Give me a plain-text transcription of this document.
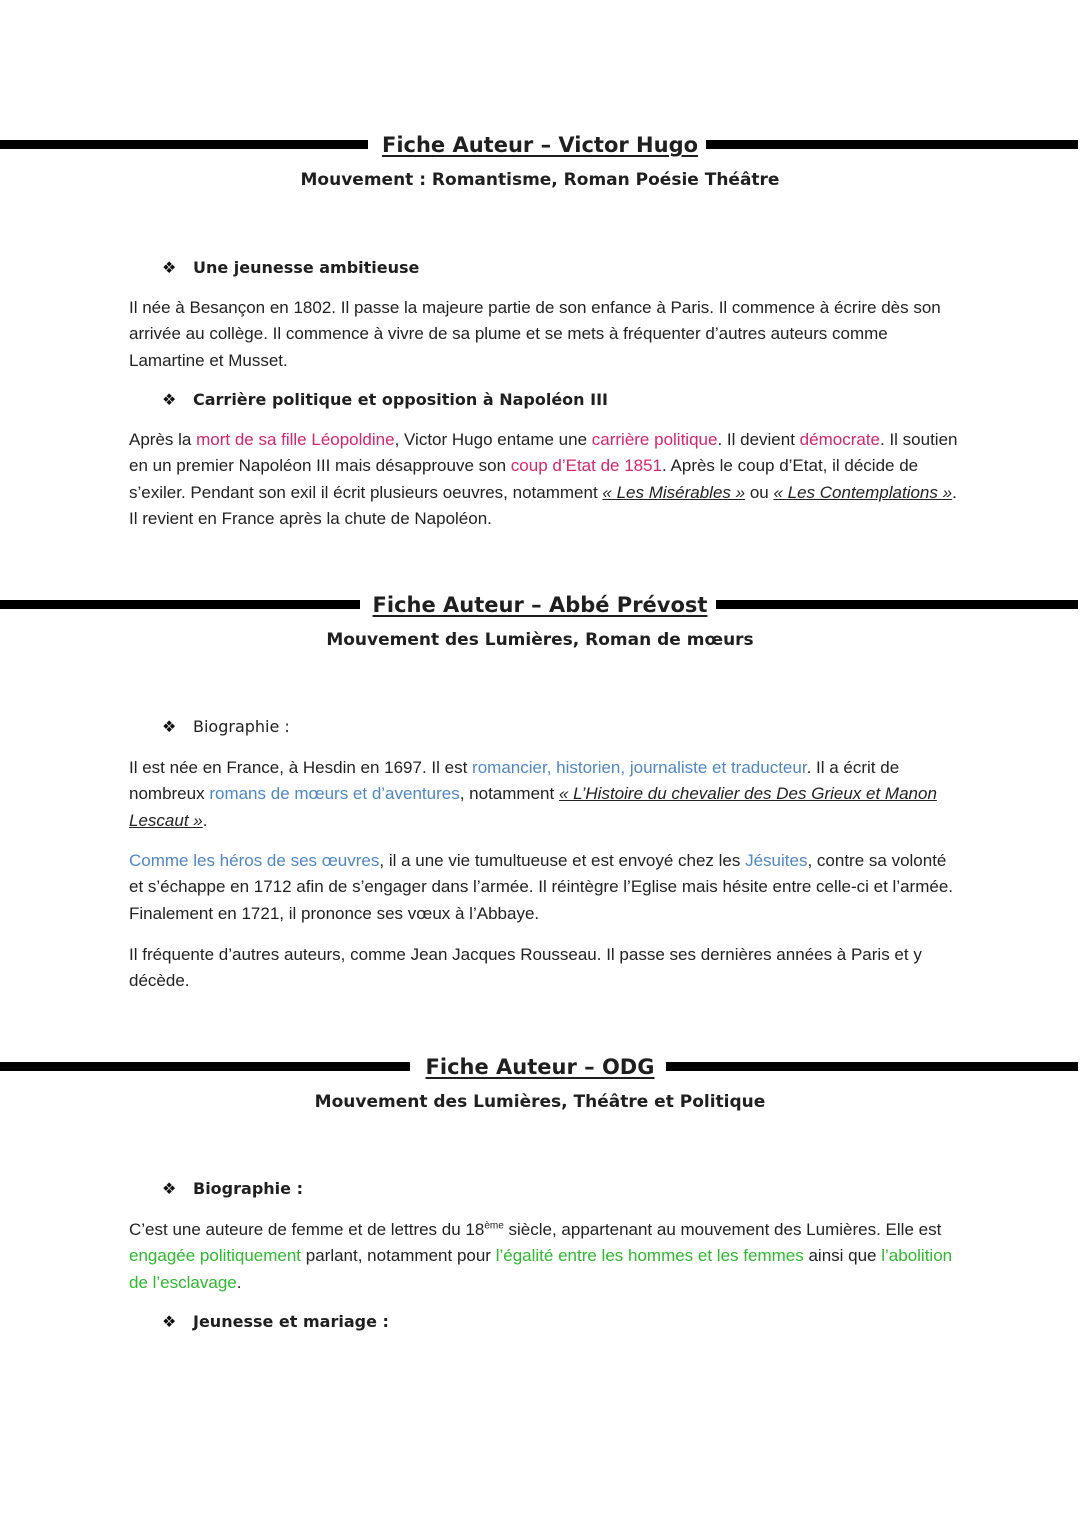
Fiche Auteur – Victor Hugo
Mouvement : Romantisme, Roman Poésie Théâtre
❖ Une jeunesse ambitieuse

Il née à Besançon en 1802. Il passe la majeure partie de son enfance à Paris. Il commence à écrire dès son arrivée au collège. Il commence à vivre de sa plume et se mets à fréquenter d’autres auteurs comme Lamartine et Musset.

❖ Carrière politique et opposition à Napoléon III

Après la mort de sa fille Léopoldine, Victor Hugo entame une carrière politique. Il devient démocrate. Il soutien en un premier Napoléon III mais désapprouve son coup d’Etat de 1851. Après le coup d’Etat, il décide de s’exiler. Pendant son exil il écrit plusieurs oeuvres, notamment « Les Misérables » ou « Les Contemplations ». Il revient en France après la chute de Napoléon.

Fiche Auteur – Abbé Prévost
Mouvement des Lumières, Roman de mœurs
❖ Biographie :

Il est née en France, à Hesdin en 1697. Il est romancier, historien, journaliste et traducteur. Il a écrit de nombreux romans de mœurs et d’aventures, notamment « L’Histoire du chevalier des Des Grieux et Manon Lescaut ».

Comme les héros de ses œuvres, il a une vie tumultueuse et est envoyé chez les Jésuites, contre sa volonté et s’échappe en 1712 afin de s’engager dans l’armée. Il réintègre l’Eglise mais hésite entre celle-ci et l’armée. Finalement en 1721, il prononce ses vœux à l’Abbaye.

Il fréquente d’autres auteurs, comme Jean Jacques Rousseau. Il passe ses dernières années à Paris et y décède.

Fiche Auteur – ODG
Mouvement des Lumières, Théâtre et Politique
❖ Biographie :

C’est une auteure de femme et de lettres du 18ème siècle, appartenant au mouvement des Lumières. Elle est engagée politiquement parlant, notamment pour l’égalité entre les hommes et les femmes ainsi que l’abolition de l’esclavage.

❖ Jeunesse et mariage :
